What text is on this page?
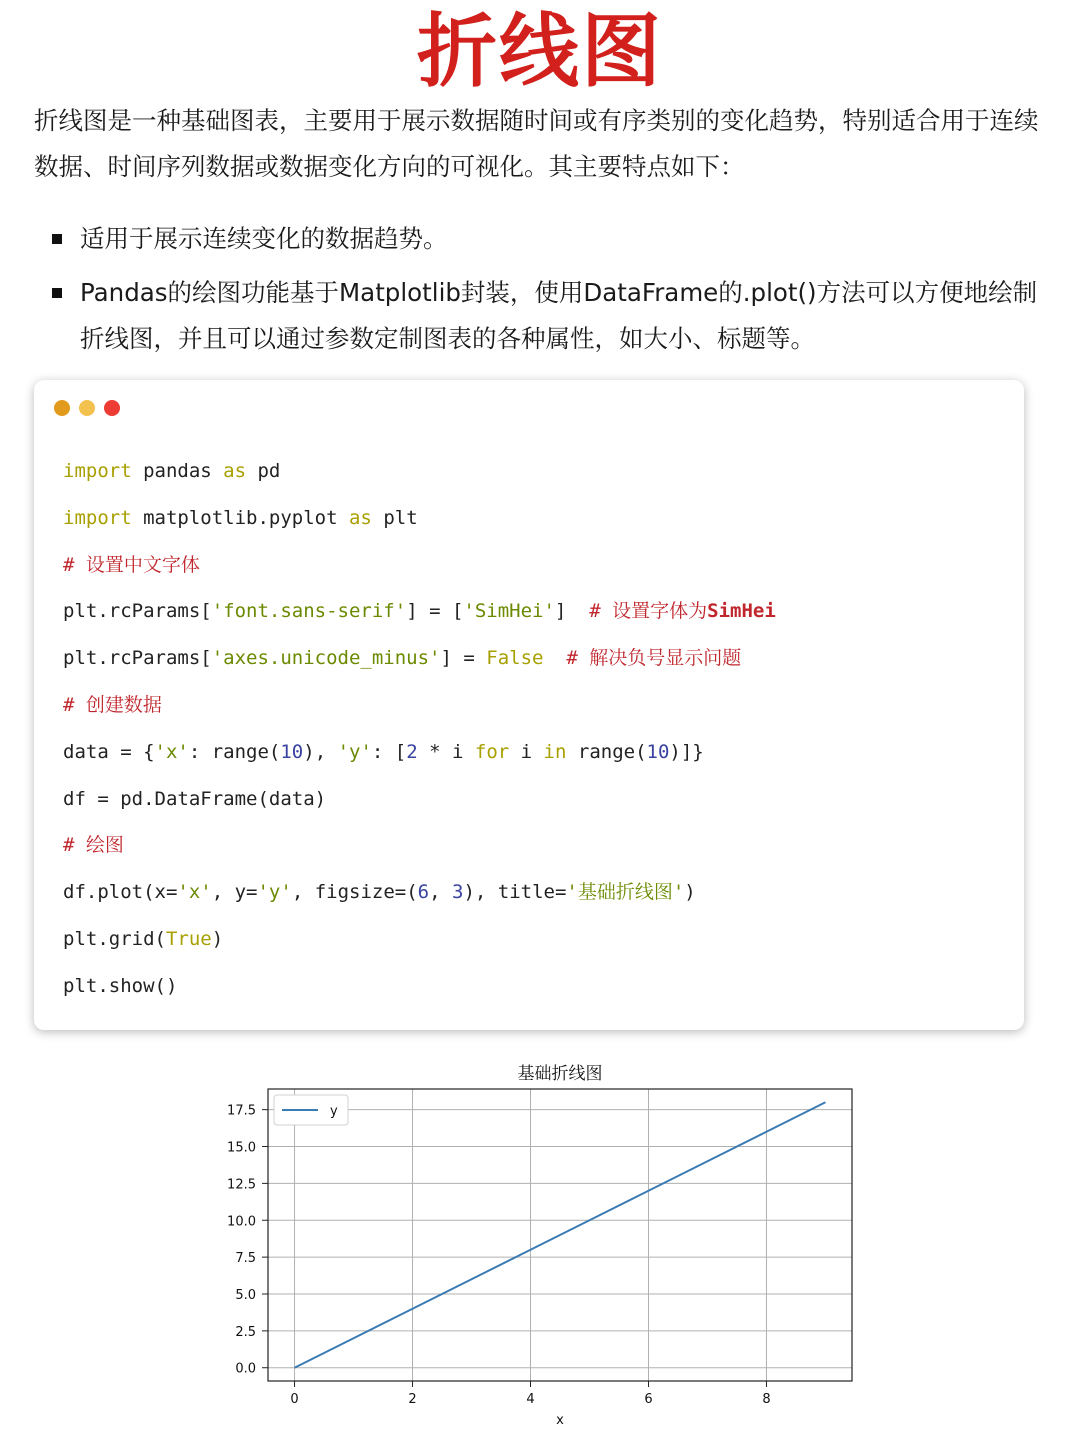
折线图

折线图是一种基础图表，主要用于展示数据随时间或有序类别的变化趋势，特别适合用于连续数据、时间序列数据或数据变化方向的可视化。其主要特点如下：

适用于展示连续变化的数据趋势。
Pandas的绘图功能基于Matplotlib封装，使用DataFrame的.plot()方法可以方便地绘制折线图，并且可以通过参数定制图表的各种属性，如大小、标题等。
import pandas as pd
import matplotlib.pyplot as plt
# 设置中文字体
plt.rcParams['font.sans-serif'] = ['SimHei']  # 设置字体为SimHei
plt.rcParams['axes.unicode_minus'] = False # 解决负号显示问题
# 创建数据
data = {'x': range(10), 'y': [2 * i for i in range(10)]}
df = pd.DataFrame(data)
# 绘图
df.plot(x='x', y='y', figsize=(6, 3), title='基础折线图')
plt.grid(True)
plt.show()
0	2	4	6	8
0.0
2.5
5.0
7.5
10.0
12.5
15.0
17.5	y
基础折线图
x
